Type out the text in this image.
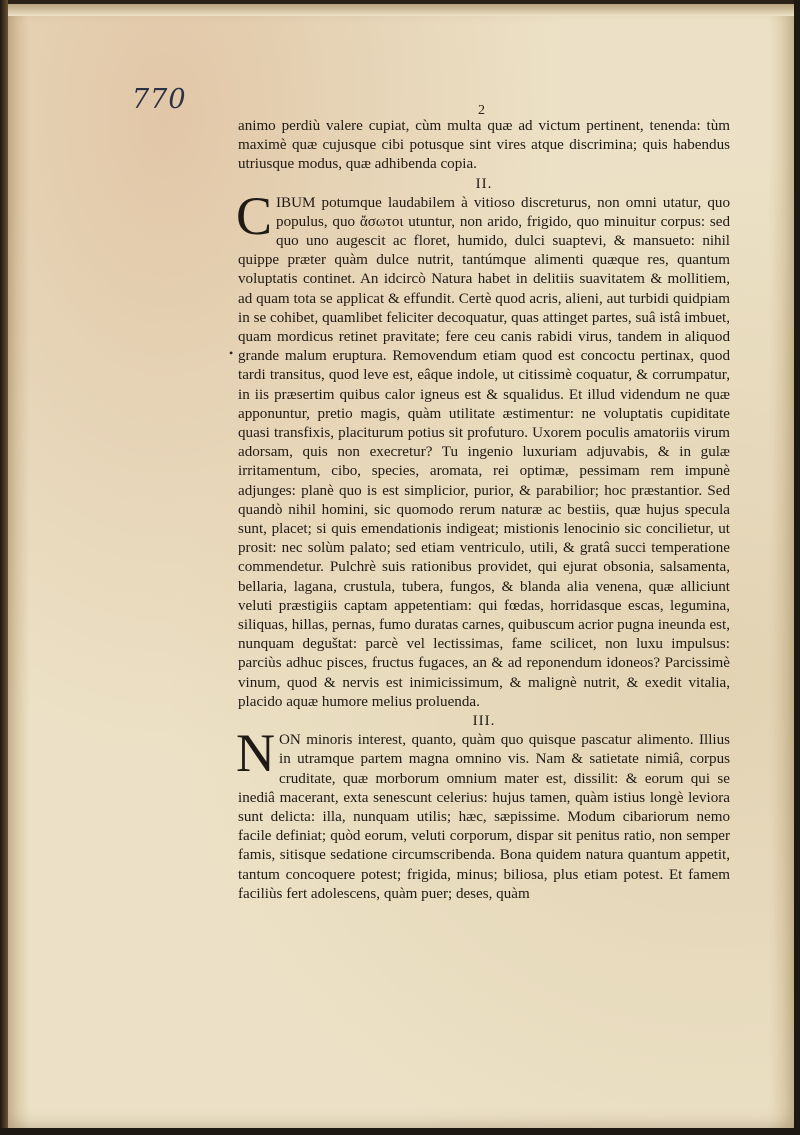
770	2
•

animo perdiù valere cupiat, cùm multa quæ ad victum pertinent, tenenda: tùm maximè quæ cujusque cibi potusque sint vires atque discrimina; quis habendus utriusque modus, quæ adhibenda copia.

II.

CIBUM potumque laudabilem à vitioso discreturus, non omni utatur, quo populus, quo ἄσωτοι utuntur, non arido, frigido, quo minuitur corpus: sed quo uno augescit ac floret, humido, dulci suaptevi, & mansueto: nihil quippe præter quàm dulce nutrit, tantúmque alimenti quæque res, quantum voluptatis continet. An idcircò Natura habet in delitiis suavitatem & mollitiem, ad quam tota se applicat & effundit. Certè quod acris, alieni, aut turbidi quidpiam in se cohibet, quamlibet feliciter decoquatur, quas attinget partes, suâ istâ imbuet, quam mordicus retinet pravitate; fere ceu canis rabidi virus, tandem in aliquod grande malum eruptura. Removendum etiam quod est concoctu pertinax, quod tardi transitus, quod leve est, eâque indole, ut citissimè coquatur, & corrumpatur, in iis præsertim quibus calor igneus est & squalidus. Et illud videndum ne quæ apponuntur, pretio magis, quàm utilitate æstimentur: ne voluptatis cupiditate quasi transfixis, placiturum potius sit profuturo. Uxorem poculis amatoriis virum adorsam, quis non execretur? Tu ingenio luxuriam adjuvabis, & in gulæ irritamentum, cibo, species, aromata, rei optimæ, pessimam rem impunè adjunges: planè quo is est simplicior, purior, & parabilior; hoc præstantior. Sed quandò nihil homini, sic quomodo rerum naturæ ac bestiis, quæ hujus specula sunt, placet; si quis emendationis indigeat; mistionis lenocinio sic concilietur, ut prosit: nec solùm palato; sed etiam ventriculo, utili, & gratâ succi temperatione commendetur. Pulchrè suis rationibus providet, qui ejurat obsonia, salsamenta, bellaria, lagana, crustula, tubera, fungos, & blanda alia venena, quæ alliciunt veluti præstigiis captam appetentiam: qui fœdas, horridasque escas, legumina, siliquas, hillas, pernas, fumo duratas carnes, quibuscum acrior pugna ineunda est, nunquam deguštat: parcè vel lectissimas, fame scilicet, non luxu impulsus: parciùs adhuc pisces, fructus fugaces, an & ad reponendum idoneos? Parcissimè vinum, quod & nervis est inimicissimum, & malignè nutrit, & exedit vitalia, placido aquæ humore melius proluenda.

III.

NON minoris interest, quanto, quàm quo quisque pascatur alimento. Illius in utramque partem magna omnino vis. Nam & satietate nimiâ, corpus cruditate, quæ morborum omnium mater est, dissilit: & eorum qui se inediâ macerant, exta senescunt celerius: hujus tamen, quàm istius longè leviora sunt delicta: illa, nunquam utilis; hæc, sæpissime. Modum cibariorum nemo facile definiat; quòd eorum, veluti corporum, dispar sit penitus ratio, non semper famis, sitisque sedatione circumscribenda. Bona quidem natura quantum appetit, tantum concoquere potest; frigida, minus; biliosa, plus etiam potest. Et famem faciliùs fert adolescens, quàm puer; deses, quàm
